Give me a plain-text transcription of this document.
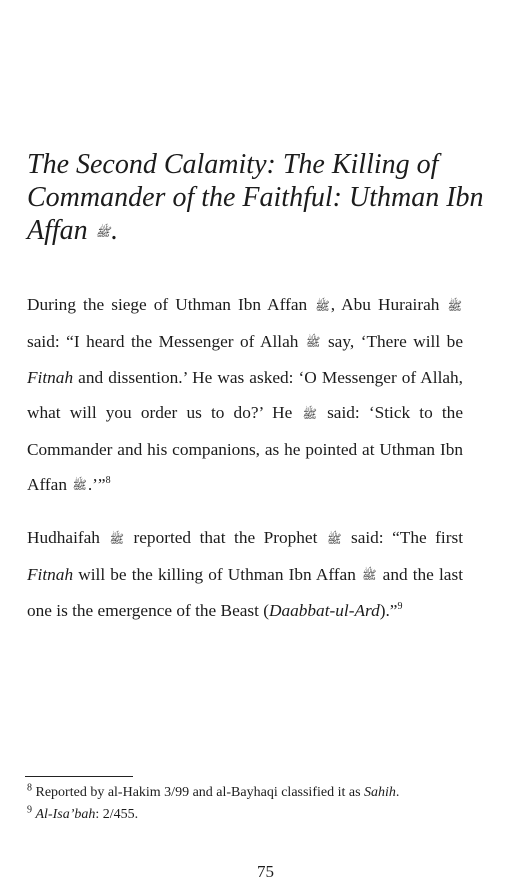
The Second Calamity: The Killing of Commander of the Faithful: Uthman Ibn Affan ﷺ.

During the siege of Uthman Ibn Affan ﷺ, Abu Hurairah ﷺ said: “I heard the Messenger of Allah ﷺ say, ‘There will be Fitnah and dissention.’ He was asked: ‘O Messenger of Allah, what will you order us to do?’ He ﷺ said: ‘Stick to the Commander and his companions, as he pointed at Uthman Ibn Affan ﷺ.’”$^8$

Hudhaifah ﷺ reported that the Prophet ﷺ said: “The first Fitnah will be the killing of Uthman Ibn Affan ﷺ and the last one is the emergence of the Beast (Daabbat-ul-Ard).”$^9$

$^8$ Reported by al-Hakim 3/99 and al-Bayhaqi classified it as Sahih.

$^9$ Al-Isa’bah: 2/455.

75
